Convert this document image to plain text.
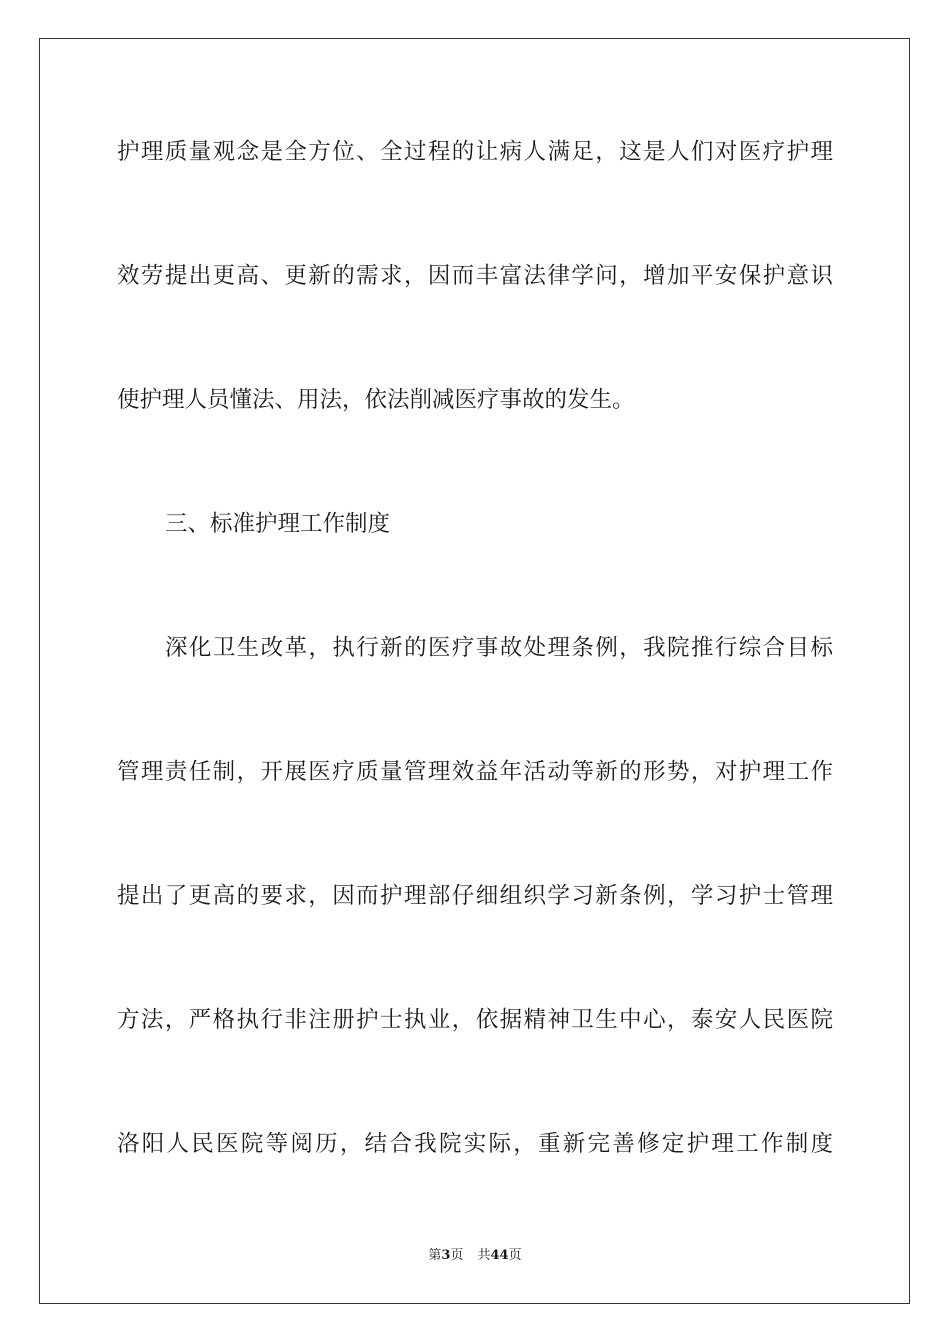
护理质量观念是全方位、全过程的让病人满足，这是人们对医疗护理
效劳提出更高、更新的需求，因而丰富法律学问，增加平安保护意识
使护理人员懂法、用法，依法削减医疗事故的发生。
三、标准护理工作制度
深化卫生改革，执行新的医疗事故处理条例，我院推行综合目标
管理责任制，开展医疗质量管理效益年活动等新的形势，对护理工作
提出了更高的要求，因而护理部仔细组织学习新条例，学习护士管理
方法，严格执行非注册护士执业，依据精神卫生中心，泰安人民医院
洛阳人民医院等阅历，结合我院实际，重新完善修定护理工作制度
第3页 共44页
